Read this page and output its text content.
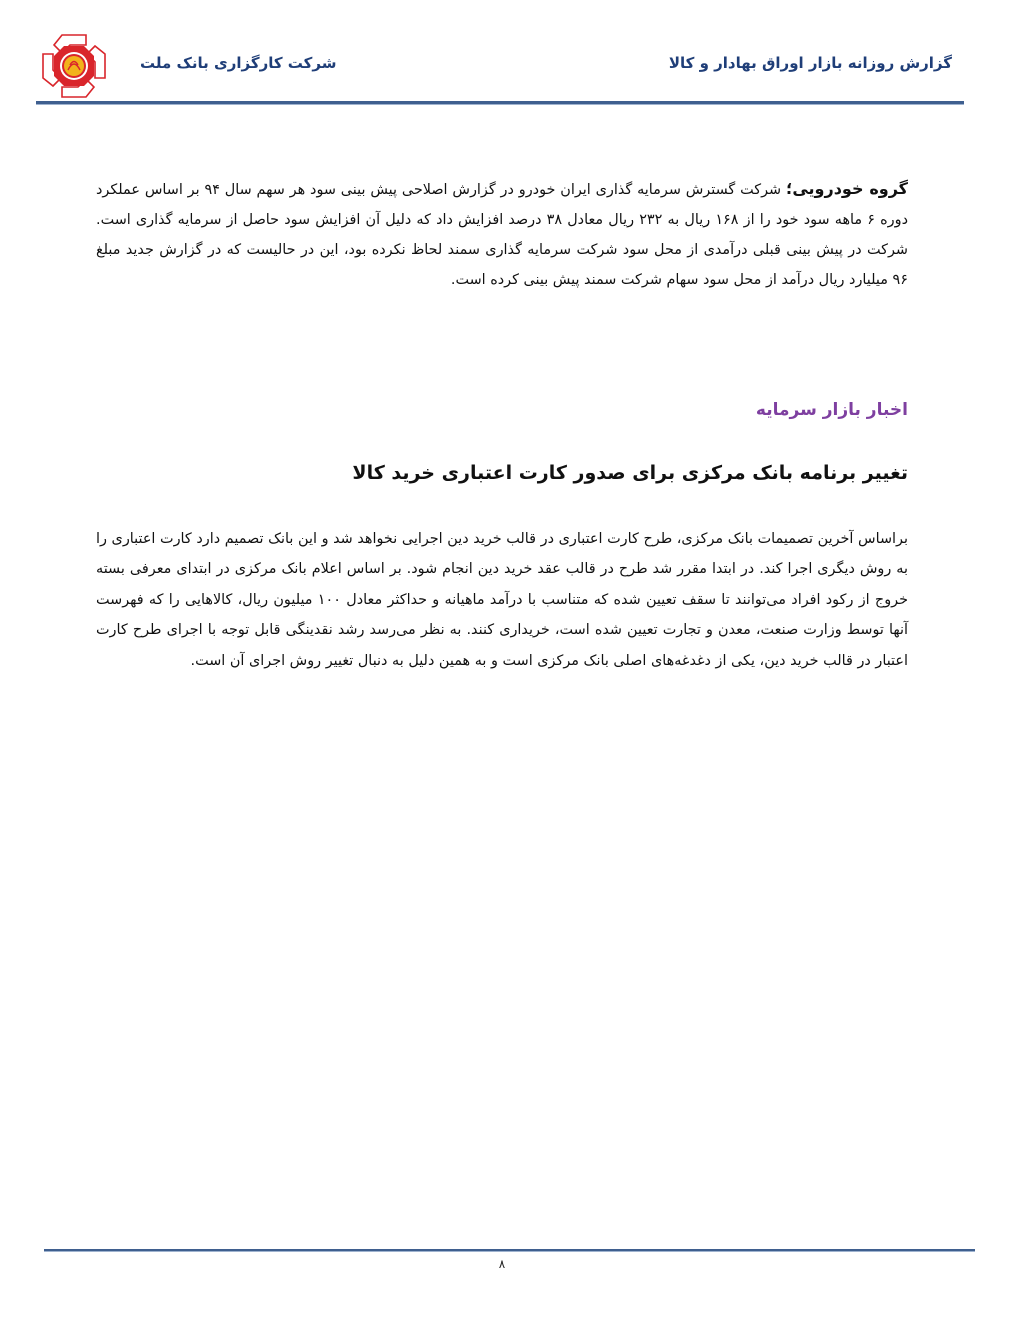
گزارش روزانه بازار اوراق بهادار و کالا
شرکت کارگزاری بانک ملت

گروه خودرویی؛ شرکت گسترش سرمایه گذاری ایران خودرو در گزارش اصلاحی پیش بینی سود هر سهم سال ۹۴ بر اساس عملکرد دوره ۶ ماهه سود خود را از ۱۶۸ ریال به ۲۳۲ ریال معادل ۳۸ درصد افزایش داد که دلیل آن افزایش سود حاصل از سرمایه گذاری است. شرکت در پیش بینی قبلی درآمدی از محل سود شرکت سرمایه گذاری سمند لحاظ نکرده بود، این در حالیست که در گزارش جدید مبلغ ۹۶ میلیارد ریال درآمد از محل سود سهام شرکت سمند پیش بینی کرده است.

اخبار بازار سرمایه
تغییر برنامه بانک مرکزی برای صدور کارت اعتباری خرید کالا

براساس آخرین تصمیمات بانک مرکزی، طرح کارت اعتباری در قالب خرید دین اجرایی نخواهد شد و این بانک تصمیم دارد کارت اعتباری را به روش دیگری اجرا کند. در ابتدا مقرر شد طرح در قالب عقد خرید دین انجام شود. بر اساس اعلام بانک مرکزی در ابتدای معرفی بسته خروج از رکود افراد می‌توانند تا سقف تعیین شده که متناسب با درآمد ماهیانه و حداکثر معادل ۱۰۰ میلیون ریال، کالاهایی را که فهرست آنها توسط وزارت صنعت، معدن و تجارت تعیین شده است، خریداری کنند. به نظر می‌رسد رشد نقدینگی قابل توجه با اجرای طرح کارت اعتبار در قالب خرید دین، یکی از دغدغه‌های اصلی بانک مرکزی است و به همین دلیل به دنبال تغییر روش اجرای آن است.

۸
